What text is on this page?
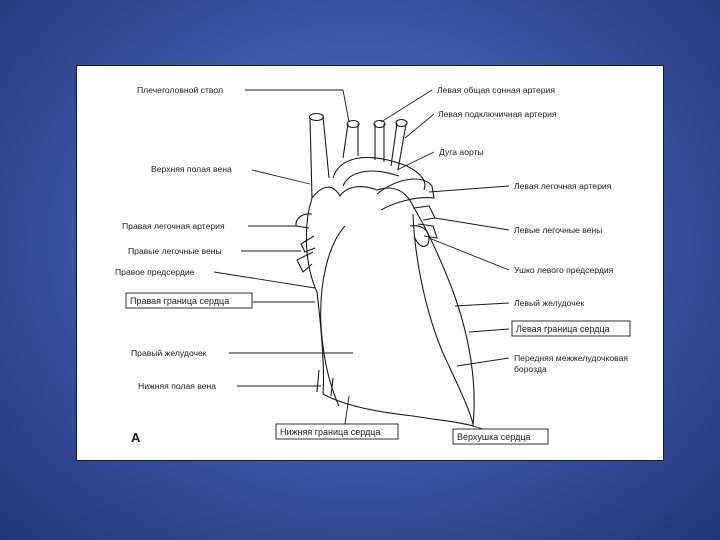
Плечеголовной ствол
Верхняя полая вена
Правая легочная артерия
Правые легочные вены
Правое предсердие
Правая граница сердца
Правый желудочек
Нижняя полая вена
Левая общая сонная артерия
Левая подключичная артерия
Дуга аорты
Левая легочная артерия
Левые легочные вены
Ушко левого предсердия
Левый желудочек
Левая граница сердца
Передняя межжелудочковая
борозда
A	Нижняя граница сердца	Верхушка сердца
